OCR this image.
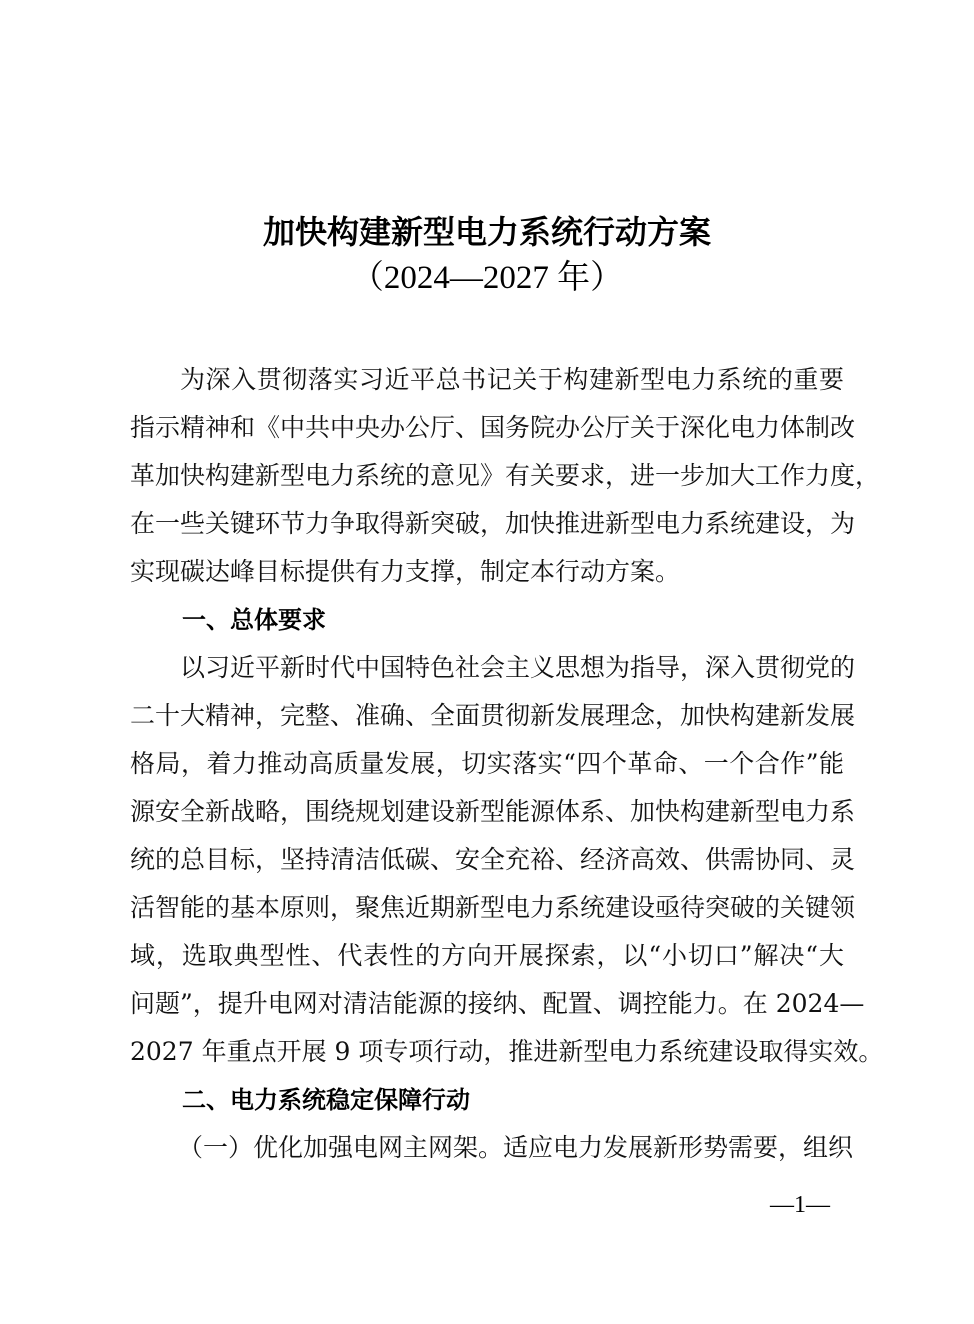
加快构建新型电力系统行动方案
（2024—2027 年）
为深入贯彻落实习近平总书记关于构建新型电力系统的重要
指示精神和《中共中央办公厅、国务院办公厅关于深化电力体制改
革加快构建新型电力系统的意见》有关要求，进一步加大工作力度，
在一些关键环节力争取得新突破，加快推进新型电力系统建设，为
实现碳达峰目标提供有力支撑，制定本行动方案。
一、总体要求
以习近平新时代中国特色社会主义思想为指导，深入贯彻党的
二十大精神，完整、准确、全面贯彻新发展理念，加快构建新发展
格局，着力推动高质量发展，切实落实“四个革命、一个合作”能
源安全新战略，围绕规划建设新型能源体系、加快构建新型电力系
统的总目标，坚持清洁低碳、安全充裕、经济高效、供需协同、灵
活智能的基本原则，聚焦近期新型电力系统建设亟待突破的关键领
域，选取典型性、代表性的方向开展探索，以“小切口”解决“大
问题”，提升电网对清洁能源的接纳、配置、调控能力。在 2024—
2027 年重点开展 9 项专项行动，推进新型电力系统建设取得实效。
二、电力系统稳定保障行动
（一）优化加强电网主网架。适应电力发展新形势需要，组织
—1—
